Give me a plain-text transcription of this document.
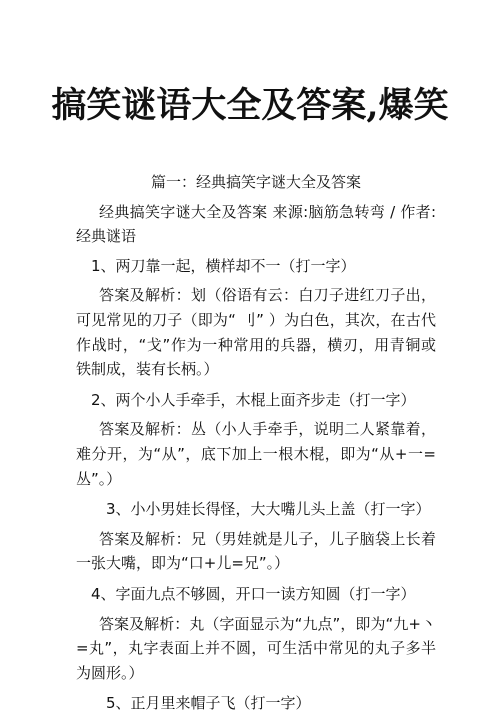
搞笑谜语大全及答案,爆笑

篇一：经典搞笑字谜大全及答案

经典搞笑字谜大全及答案 来源:脑筋急转弯 / 作者:经典谜语

1、两刀靠一起，横样却不一（打一字）

答案及解析：划（俗语有云：白刀子进红刀子出，可见常见的刀子（即为“ 刂” ）为白色，其次，在古代作战时，“戈”作为一种常用的兵器，横刃，用青铜或铁制成，装有长柄。）

2、两个小人手牵手，木棍上面齐步走（打一字）

答案及解析：丛（小人手牵手，说明二人紧靠着，难分开，为“从”，底下加上一根木棍，即为“从+一=丛”。）

3、小小男娃长得怪，大大嘴儿头上盖（打一字）

答案及解析：兄（男娃就是儿子，儿子脑袋上长着一张大嘴，即为“口+儿=兄”。）

4、字面九点不够圆，开口一读方知圆（打一字）

答案及解析：丸（字面显示为“九点”，即为“九+丶=丸”，丸字表面上并不圆，可生活中常见的丸子多半为圆形。）

5、正月里来帽子飞（打一字）
